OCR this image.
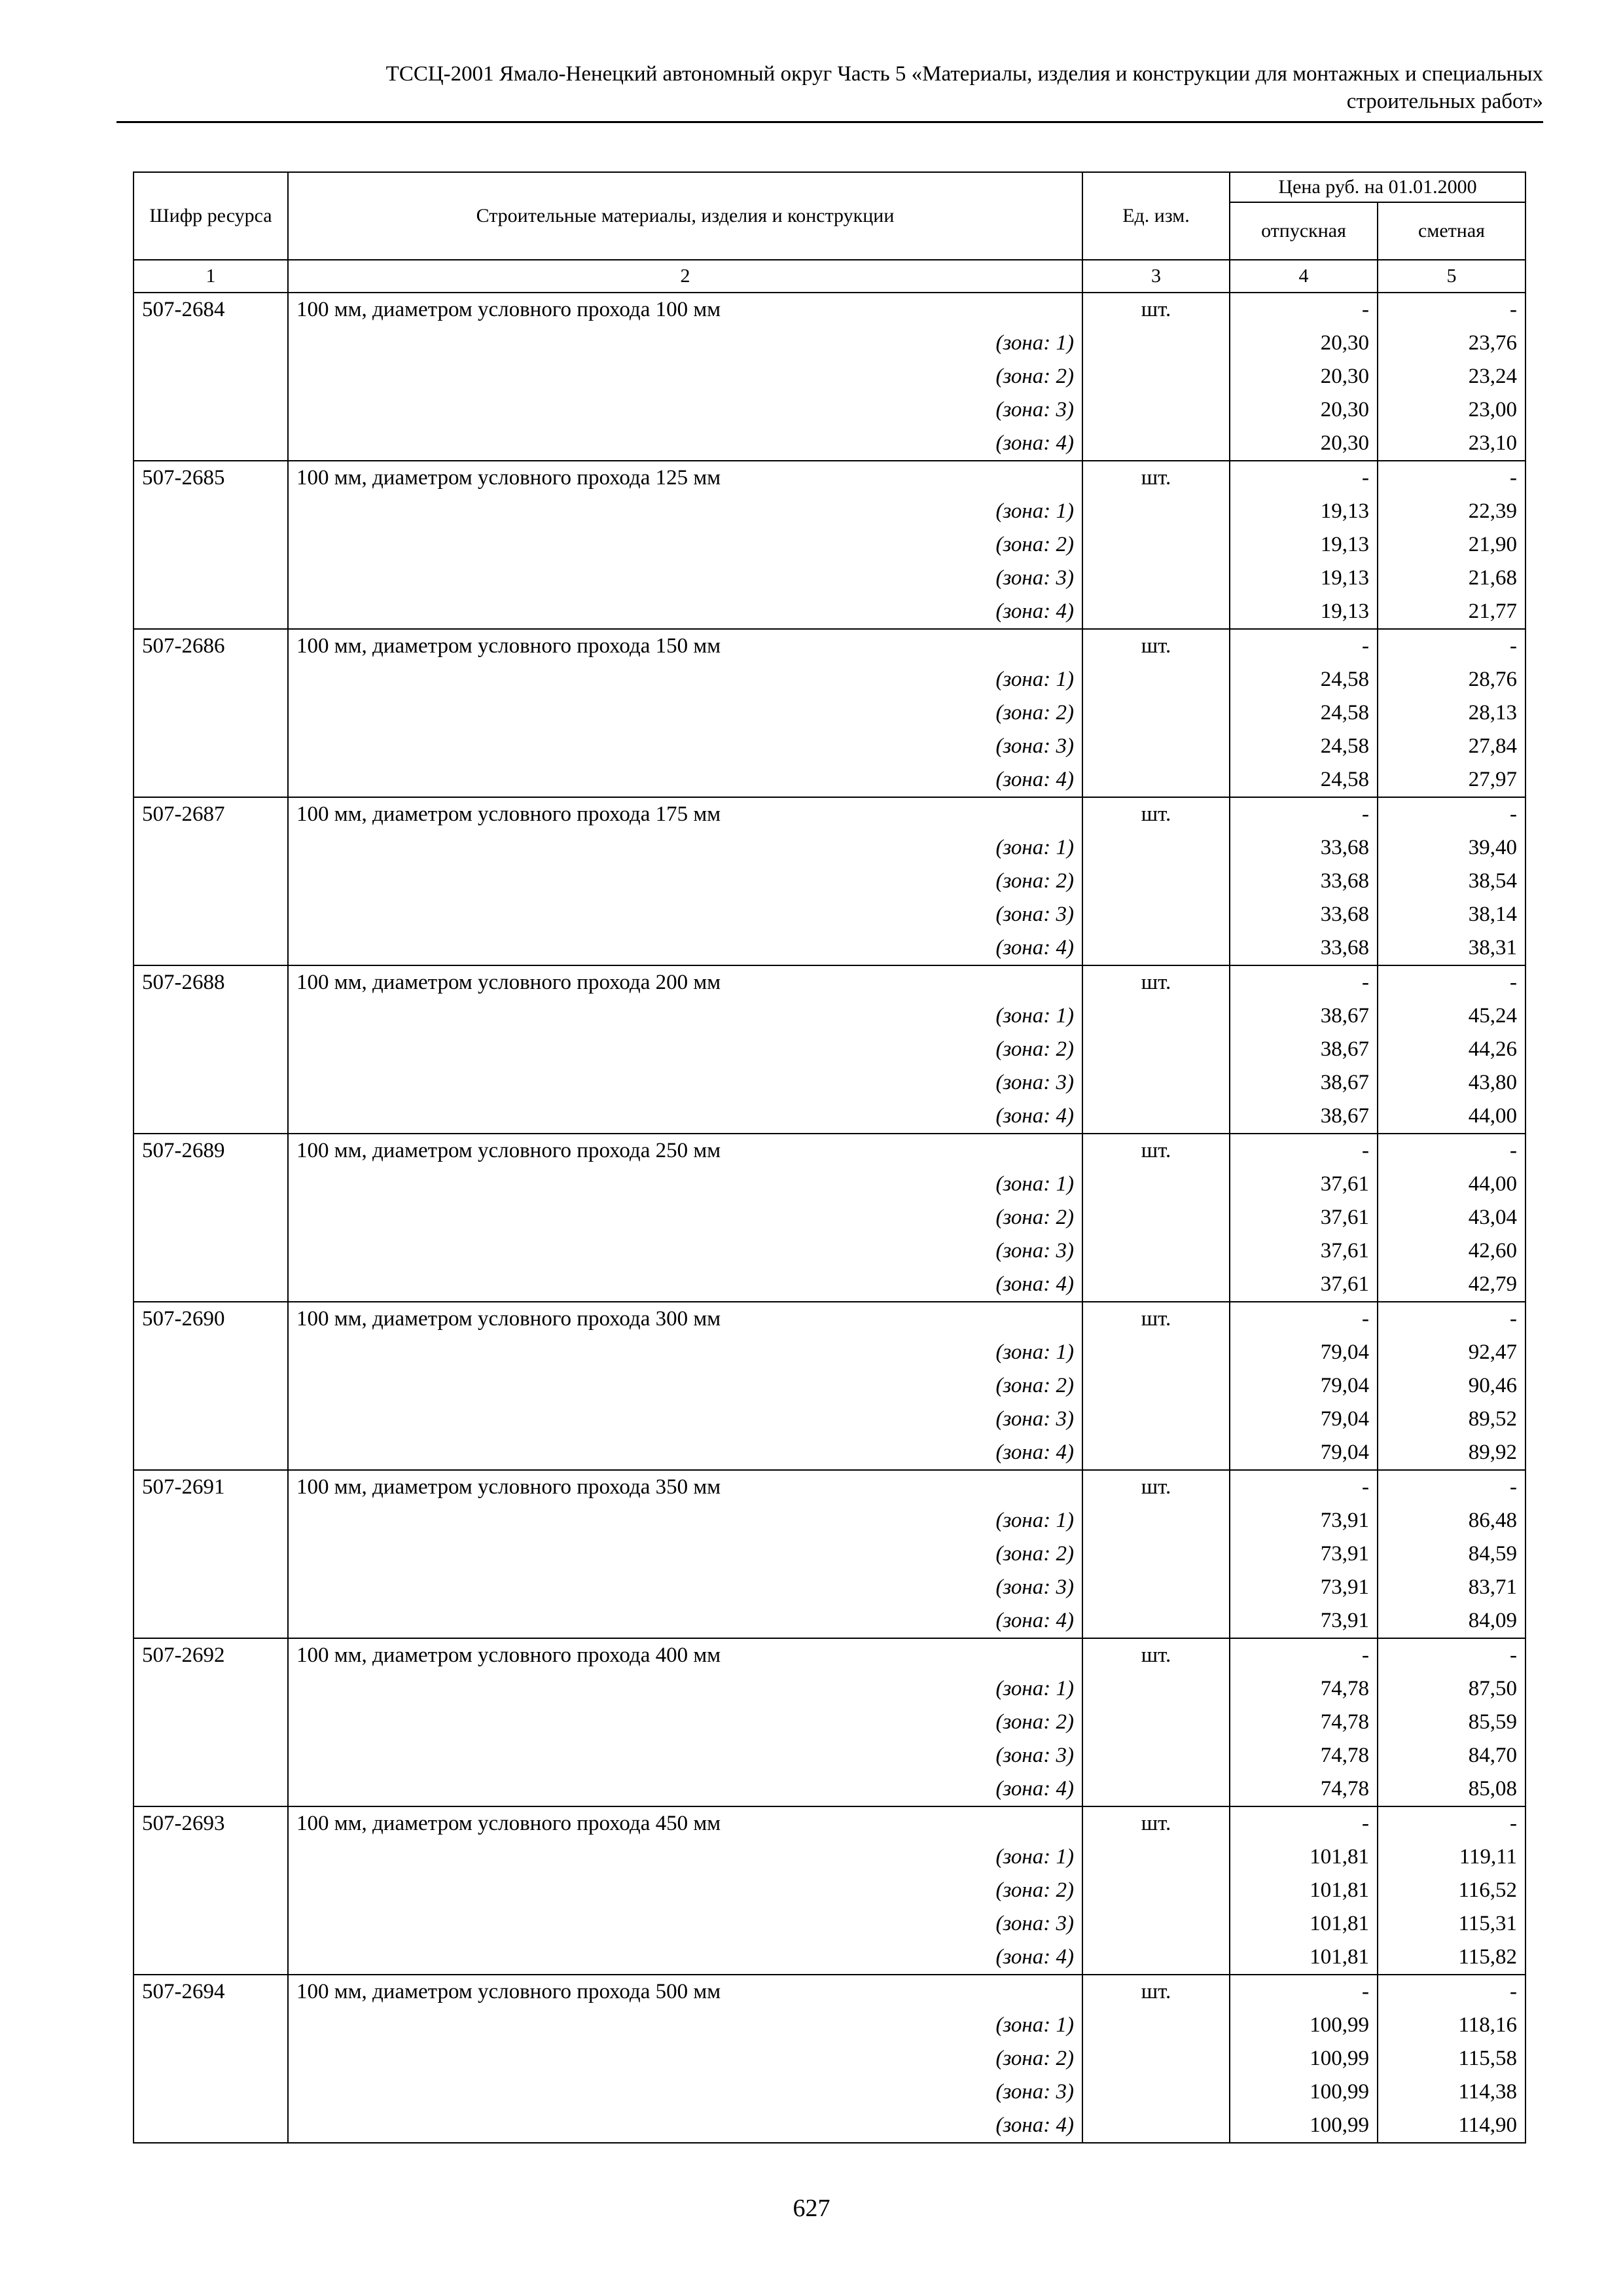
ТССЦ-2001 Ямало-Ненецкий автономный округ Часть 5 «Материалы, изделия и конструкции для монтажных и специальных
строительных работ»
Шифр ресурса	Строительные материалы, изделия и конструкции	Ед. изм.	Цена руб. на 01.01.2000	
			отпускная	сметная
1	2	3	4	5
507-2684	100 мм, диаметром условного прохода 100 мм	шт.	-	-
	(зона: 1)		20,30	23,76
	(зона: 2)		20,30	23,24
	(зона: 3)		20,30	23,00
	(зона: 4)		20,30	23,10
507-2685	100 мм, диаметром условного прохода 125 мм	шт.	-	-
	(зона: 1)		19,13	22,39
	(зона: 2)		19,13	21,90
	(зона: 3)		19,13	21,68
	(зона: 4)		19,13	21,77
507-2686	100 мм, диаметром условного прохода 150 мм	шт.	-	-
	(зона: 1)		24,58	28,76
	(зона: 2)		24,58	28,13
	(зона: 3)		24,58	27,84
	(зона: 4)		24,58	27,97
507-2687	100 мм, диаметром условного прохода 175 мм	шт.	-	-
	(зона: 1)		33,68	39,40
	(зона: 2)		33,68	38,54
	(зона: 3)		33,68	38,14
	(зона: 4)		33,68	38,31
507-2688	100 мм, диаметром условного прохода 200 мм	шт.	-	-
	(зона: 1)		38,67	45,24
	(зона: 2)		38,67	44,26
	(зона: 3)		38,67	43,80
	(зона: 4)		38,67	44,00
507-2689	100 мм, диаметром условного прохода 250 мм	шт.	-	-
	(зона: 1)		37,61	44,00
	(зона: 2)		37,61	43,04
	(зона: 3)		37,61	42,60
	(зона: 4)		37,61	42,79
507-2690	100 мм, диаметром условного прохода 300 мм	шт.	-	-
	(зона: 1)		79,04	92,47
	(зона: 2)		79,04	90,46
	(зона: 3)		79,04	89,52
	(зона: 4)		79,04	89,92
507-2691	100 мм, диаметром условного прохода 350 мм	шт.	-	-
	(зона: 1)		73,91	86,48
	(зона: 2)		73,91	84,59
	(зона: 3)		73,91	83,71
	(зона: 4)		73,91	84,09
507-2692	100 мм, диаметром условного прохода 400 мм	шт.	-	-
	(зона: 1)		74,78	87,50
	(зона: 2)		74,78	85,59
	(зона: 3)		74,78	84,70
	(зона: 4)		74,78	85,08
507-2693	100 мм, диаметром условного прохода 450 мм	шт.	-	-
	(зона: 1)		101,81	119,11
	(зона: 2)		101,81	116,52
	(зона: 3)		101,81	115,31
	(зона: 4)		101,81	115,82
507-2694	100 мм, диаметром условного прохода 500 мм	шт.	-	-
	(зона: 1)		100,99	118,16
	(зона: 2)		100,99	115,58
	(зона: 3)		100,99	114,38
	(зона: 4)		100,99	114,90
627
